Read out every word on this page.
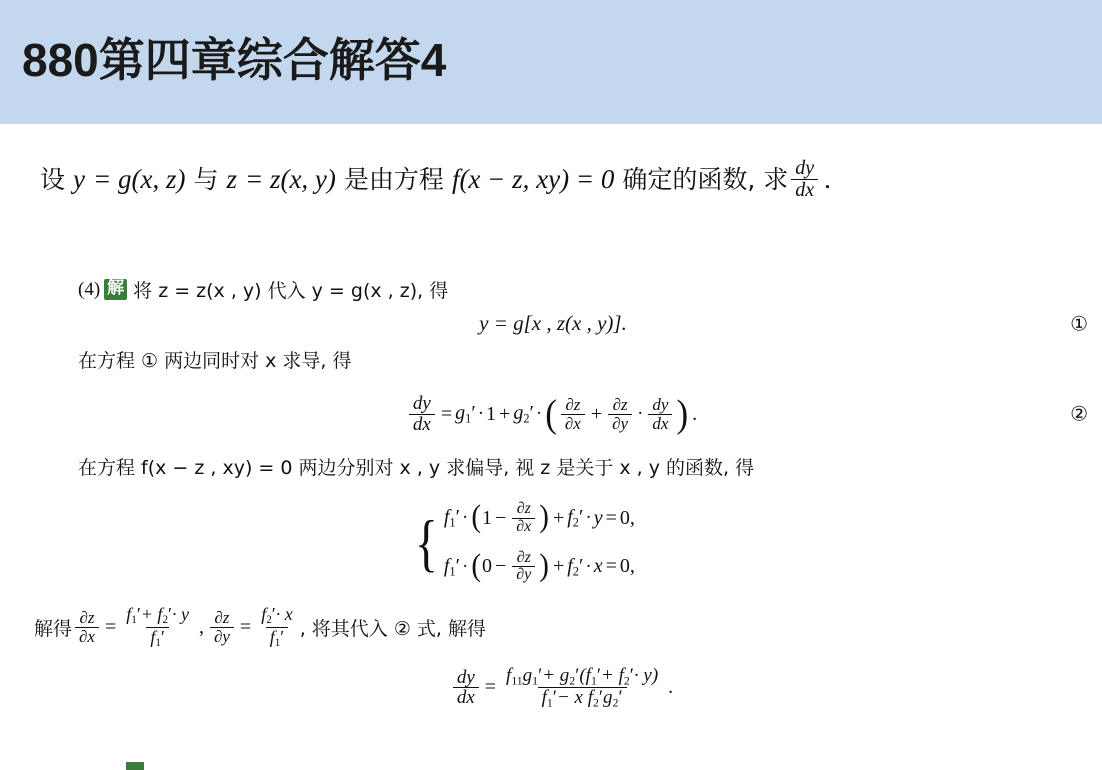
880第四章综合解答4
设 y = g(x, z) 与 z = z(x, y) 是由方程 f(x − z, xy) = 0 确定的函数, 求 $\frac{dy}{dx}$ .
(4) 解 将 z = z(x , y) 代入 y = g(x , z), 得
y = g[x , z(x , y)].	①
在方程 ① 两边同时对 x 求导, 得
$\frac{dy}{dx} = g_1' \cdot 1 + g_2'$ · ( $\frac{\partial z}{\partial x} + \frac{\partial z}{\partial y} \cdot \frac{dy}{dx}$ ) .	②
在方程 f(x − z , xy) = 0 两边分别对 x , y 求偏导, 视 z 是关于 x , y 的函数, 得
{ $f_1'$ · ( $1 - \frac{\partial z}{\partial x}$ ) + $f_2' \cdot y = 0$,
$f_1'$ · ( $0 - \frac{\partial z}{\partial y}$ ) + $f_2' \cdot x = 0$,
解得 $\frac{\partial z}{\partial x} = \frac{f_1'+ f_2'\cdot y}{f_1'}$ , $\frac{\partial z}{\partial y} = \frac{f_2'\cdot x}{f_1'}$ , 将其代入 ② 式, 解得
$\frac{dy}{dx} = \frac{f_{11}g_1'+ g_2'(f_1'+ f_2'\cdot y)}{f_1'- x f_2'g_2'}$ .
